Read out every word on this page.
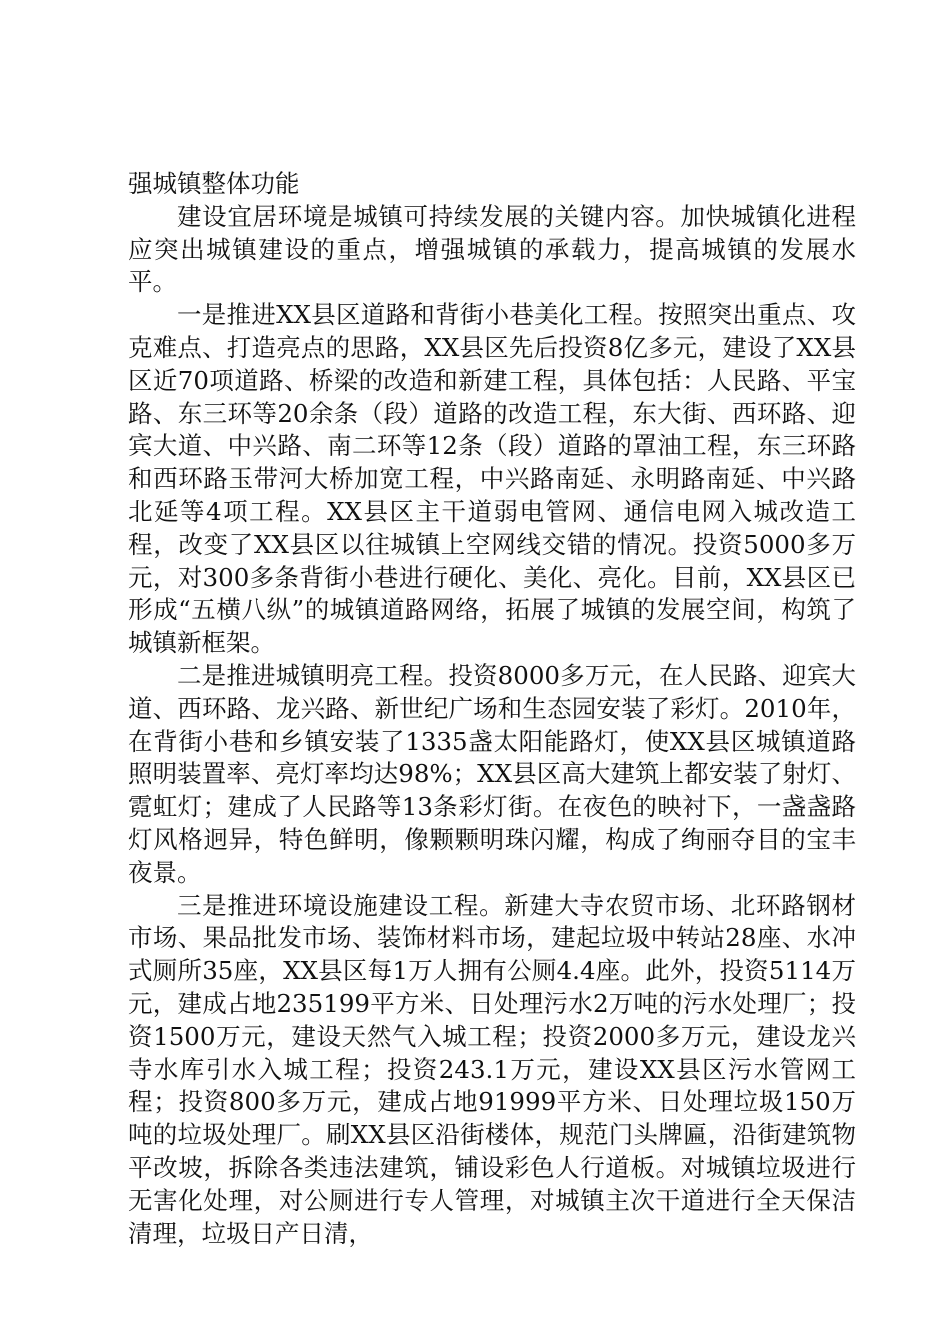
强城镇整体功能

建设宜居环境是城镇可持续发展的关键内容。加快城镇化进程应突出城镇建设的重点，增强城镇的承载力，提高城镇的发展水平。

一是推进XX县区道路和背街小巷美化工程。按照突出重点、攻克难点、打造亮点的思路，XX县区先后投资8亿多元，建设了XX县区近70项道路、桥梁的改造和新建工程，具体包括：人民路、平宝路、东三环等20余条（段）道路的改造工程，东大街、西环路、迎宾大道、中兴路、南二环等12条（段）道路的罩油工程，东三环路和西环路玉带河大桥加宽工程，中兴路南延、永明路南延、中兴路北延等4项工程。XX县区主干道弱电管网、通信电网入城改造工程，改变了XX县区以往城镇上空网线交错的情况。投资5000多万元，对300多条背街小巷进行硬化、美化、亮化。目前，XX县区已形成“五横八纵”的城镇道路网络，拓展了城镇的发展空间，构筑了城镇新框架。

二是推进城镇明亮工程。投资8000多万元，在人民路、迎宾大道、西环路、龙兴路、新世纪广场和生态园安装了彩灯。2010年，在背街小巷和乡镇安装了1335盏太阳能路灯，使XX县区城镇道路照明装置率、亮灯率均达98%；XX县区高大建筑上都安装了射灯、霓虹灯；建成了人民路等13条彩灯街。在夜色的映衬下，一盏盏路灯风格迥异，特色鲜明，像颗颗明珠闪耀，构成了绚丽夺目的宝丰夜景。

三是推进环境设施建设工程。新建大寺农贸市场、北环路钢材市场、果品批发市场、装饰材料市场，建起垃圾中转站28座、水冲式厕所35座，XX县区每1万人拥有公厕4.4座。此外，投资5114万元，建成占地235199平方米、日处理污水2万吨的污水处理厂；投资1500万元，建设天然气入城工程；投资2000多万元，建设龙兴寺水库引水入城工程；投资243.1万元，建设XX县区污水管网工程；投资800多万元，建成占地91999平方米、日处理垃圾150万吨的垃圾处理厂。刷XX县区沿街楼体，规范门头牌匾，沿街建筑物平改坡，拆除各类违法建筑，铺设彩色人行道板。对城镇垃圾进行无害化处理，对公厕进行专人管理，对城镇主次干道进行全天保洁清理，垃圾日产日清，
